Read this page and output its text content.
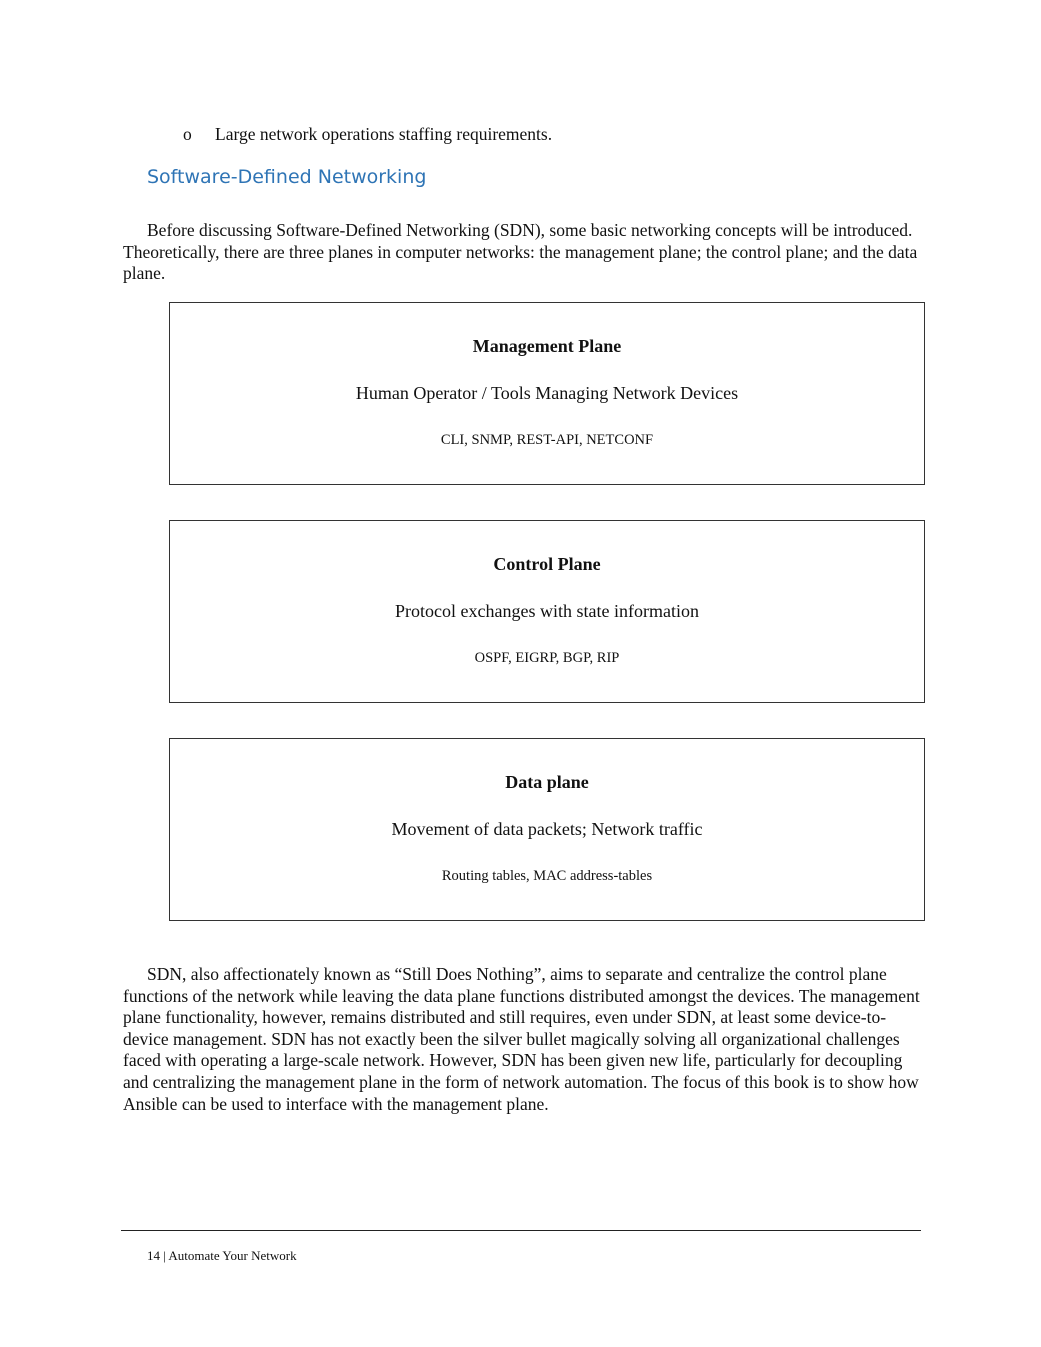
o Large network operations staffing requirements.
Software-Defined Networking

Before discussing Software-Defined Networking (SDN), some basic networking concepts will be introduced. Theoretically, there are three planes in computer networks: the management plane; the control plane; and the data plane.

Management Plane
Human Operator / Tools Managing Network Devices
CLI, SNMP, REST-API, NETCONF
Control Plane
Protocol exchanges with state information
OSPF, EIGRP, BGP, RIP
Data plane
Movement of data packets; Network traffic
Routing tables, MAC address-tables

SDN, also affectionately known as “Still Does Nothing”, aims to separate and centralize the control plane functions of the network while leaving the data plane functions distributed amongst the devices. The management plane functionality, however, remains distributed and still requires, even under SDN, at least some device-to-device management. SDN has not exactly been the silver bullet magically solving all organizational challenges faced with operating a large-scale network. However, SDN has been given new life, particularly for decoupling and centralizing the management plane in the form of network automation. The focus of this book is to show how Ansible can be used to interface with the management plane.

14 | Automate Your Network
